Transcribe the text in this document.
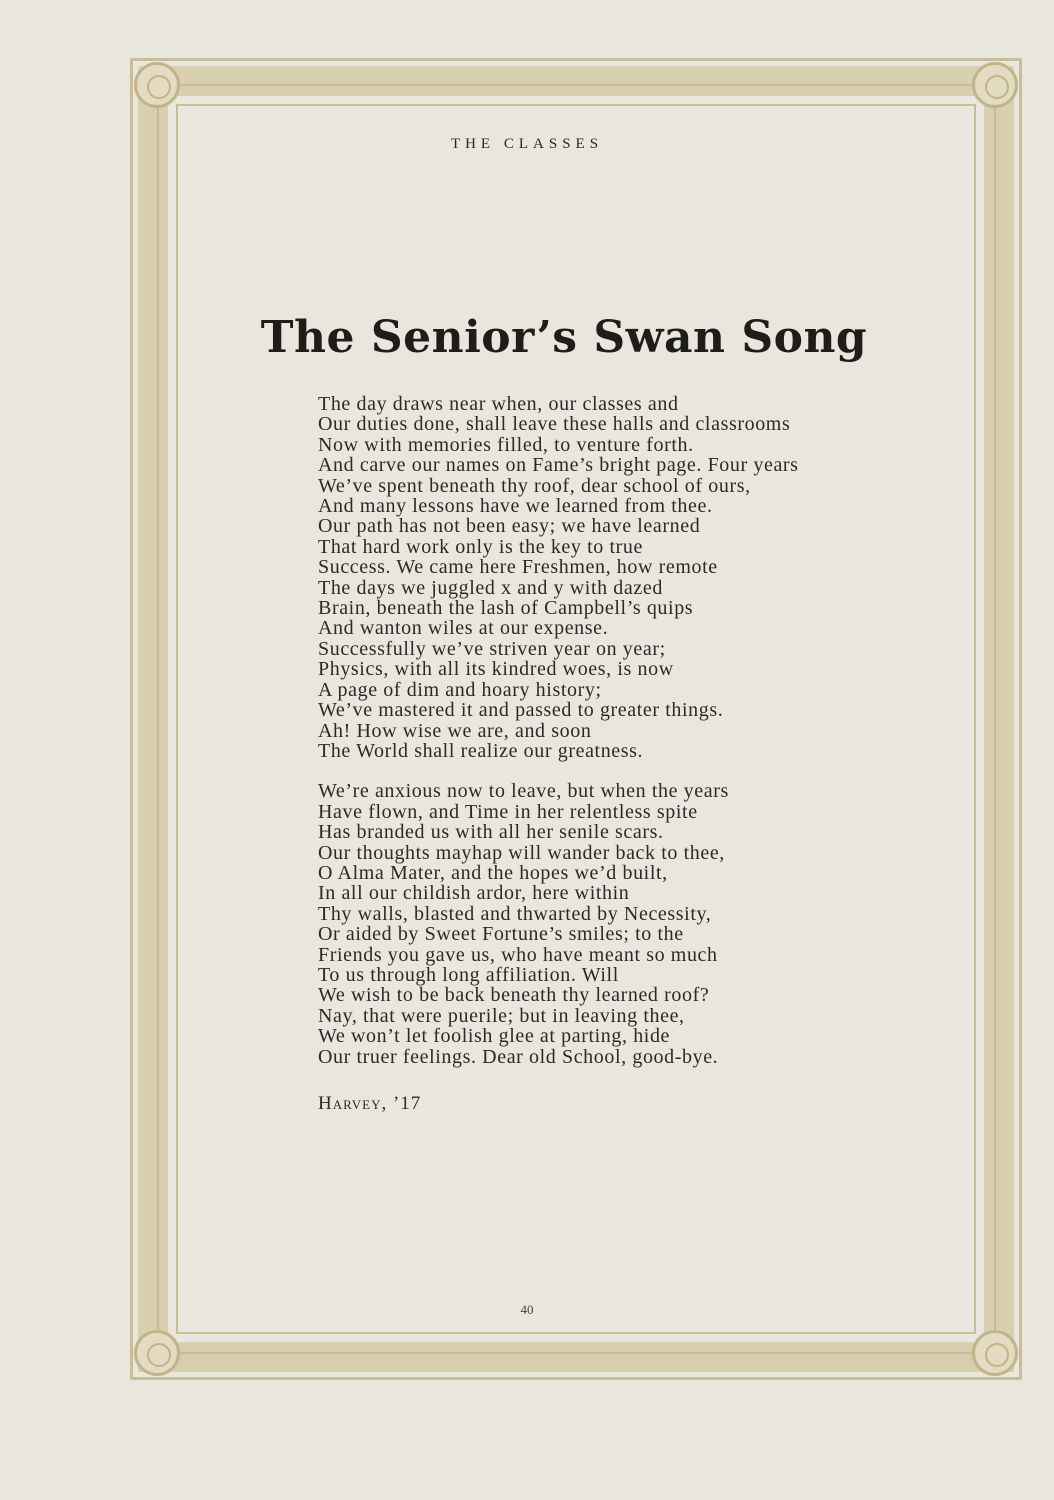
THE CLASSES
The Senior’s Swan Song
The day draws near when, our classes and
Our duties done, shall leave these halls and classrooms
Now with memories filled, to venture forth.
And carve our names on Fame’s bright page. Four years
We’ve spent beneath thy roof, dear school of ours,
And many lessons have we learned from thee.
Our path has not been easy; we have learned
That hard work only is the key to true
Success. We came here Freshmen, how remote
The days we juggled x and y with dazed
Brain, beneath the lash of Campbell’s quips
And wanton wiles at our expense.
Successfully we’ve striven year on year;
Physics, with all its kindred woes, is now
A page of dim and hoary history;
We’ve mastered it and passed to greater things.
Ah! How wise we are, and soon
The World shall realize our greatness.
We’re anxious now to leave, but when the years
Have flown, and Time in her relentless spite
Has branded us with all her senile scars.
Our thoughts mayhap will wander back to thee,
O Alma Mater, and the hopes we’d built,
In all our childish ardor, here within
Thy walls, blasted and thwarted by Necessity,
Or aided by Sweet Fortune’s smiles; to the
Friends you gave us, who have meant so much
To us through long affiliation. Will
We wish to be back beneath thy learned roof?
Nay, that were puerile; but in leaving thee,
We won’t let foolish glee at parting, hide
Our truer feelings. Dear old School, good-bye.
Harvey, ’17
40
